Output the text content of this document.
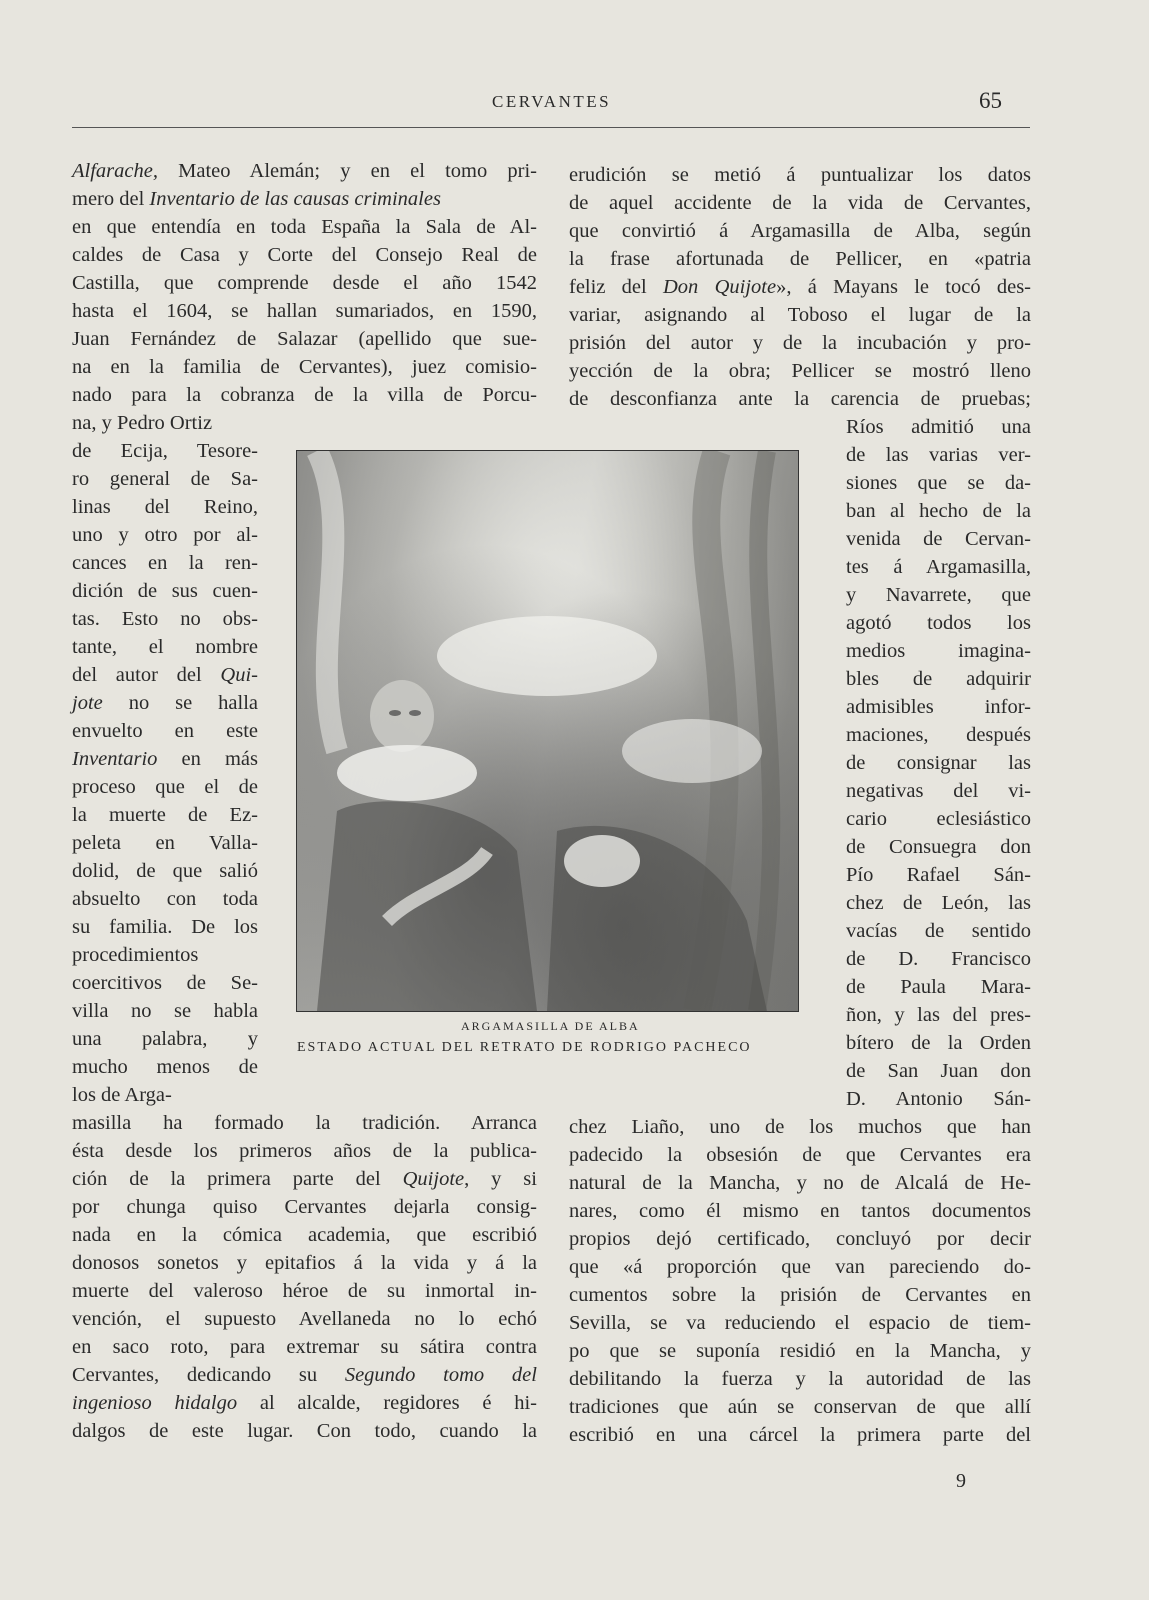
CERVANTES	65
Alfarache, Mateo Alemán; y en el tomo pri-
mero del Inventario de las causas criminales
en que entendía en toda España la Sala de Al-
caldes de Casa y Corte del Consejo Real de
Castilla, que comprende desde el año 1542
hasta el 1604, se hallan sumariados, en 1590,
Juan Fernández de Salazar (apellido que sue-
na en la familia de Cervantes), juez comisio-
nado para la cobranza de la villa de Porcu-
na, y Pedro Ortiz
de Ecija, Tesore-
ro general de Sa-
linas del Reino,
uno y otro por al-
cances en la ren-
dición de sus cuen-
tas. Esto no obs-
tante, el nombre
del autor del Qui-
jote no se halla
envuelto en este
Inventario en más
proceso que el de
la muerte de Ez-
peleta en Valla-
dolid, de que salió
absuelto con toda
su familia. De los
procedimientos
coercitivos de Se-
villa no se habla
una palabra, y
mucho menos de
los de Arga-
masilla ha formado la tradición. Arranca
ésta desde los primeros años de la publica-
ción de la primera parte del Quijote, y si
por chunga quiso Cervantes dejarla consig-
nada en la cómica academia, que escribió
donosos sonetos y epitafios á la vida y á la
muerte del valeroso héroe de su inmortal in-
vención, el supuesto Avellaneda no lo echó
en saco roto, para extremar su sátira contra
Cervantes, dedicando su Segundo tomo del
ingenioso hidalgo al alcalde, regidores é hi-
dalgos de este lugar. Con todo, cuando la
erudición se metió á puntualizar los datos
de aquel accidente de la vida de Cervantes,
que convirtió á Argamasilla de Alba, según
la frase afortunada de Pellicer, en «patria
feliz del Don Quijote», á Mayans le tocó des-
variar, asignando al Toboso el lugar de la
prisión del autor y de la incubación y pro-
yección de la obra; Pellicer se mostró lleno
de desconfianza ante la carencia de pruebas;
Ríos admitió una
de las varias ver-
siones que se da-
ban al hecho de la
venida de Cervan-
tes á Argamasilla,
y Navarrete, que
agotó todos los
medios imagina-
bles de adquirir
admisibles infor-
maciones, después
de consignar las
negativas del vi-
cario eclesiástico
de Consuegra don
Pío Rafael Sán-
chez de León, las
vacías de sentido
de D. Francisco
de Paula Mara-
ñon, y las del pres-
bítero de la Orden
de San Juan don
D. Antonio Sán-
chez Liaño, uno de los muchos que han
padecido la obsesión de que Cervantes era
natural de la Mancha, y no de Alcalá de He-
nares, como él mismo en tantos documentos
propios dejó certificado, concluyó por decir
que «á proporción que van pareciendo do-
cumentos sobre la prisión de Cervantes en
Sevilla, se va reduciendo el espacio de tiem-
po que se suponía residió en la Mancha, y
debilitando la fuerza y la autoridad de las
tradiciones que aún se conservan de que allí
escribió en una cárcel la primera parte del
ARGAMASILLA DE ALBA
ESTADO ACTUAL DEL RETRATO DE RODRIGO PACHECO
9
